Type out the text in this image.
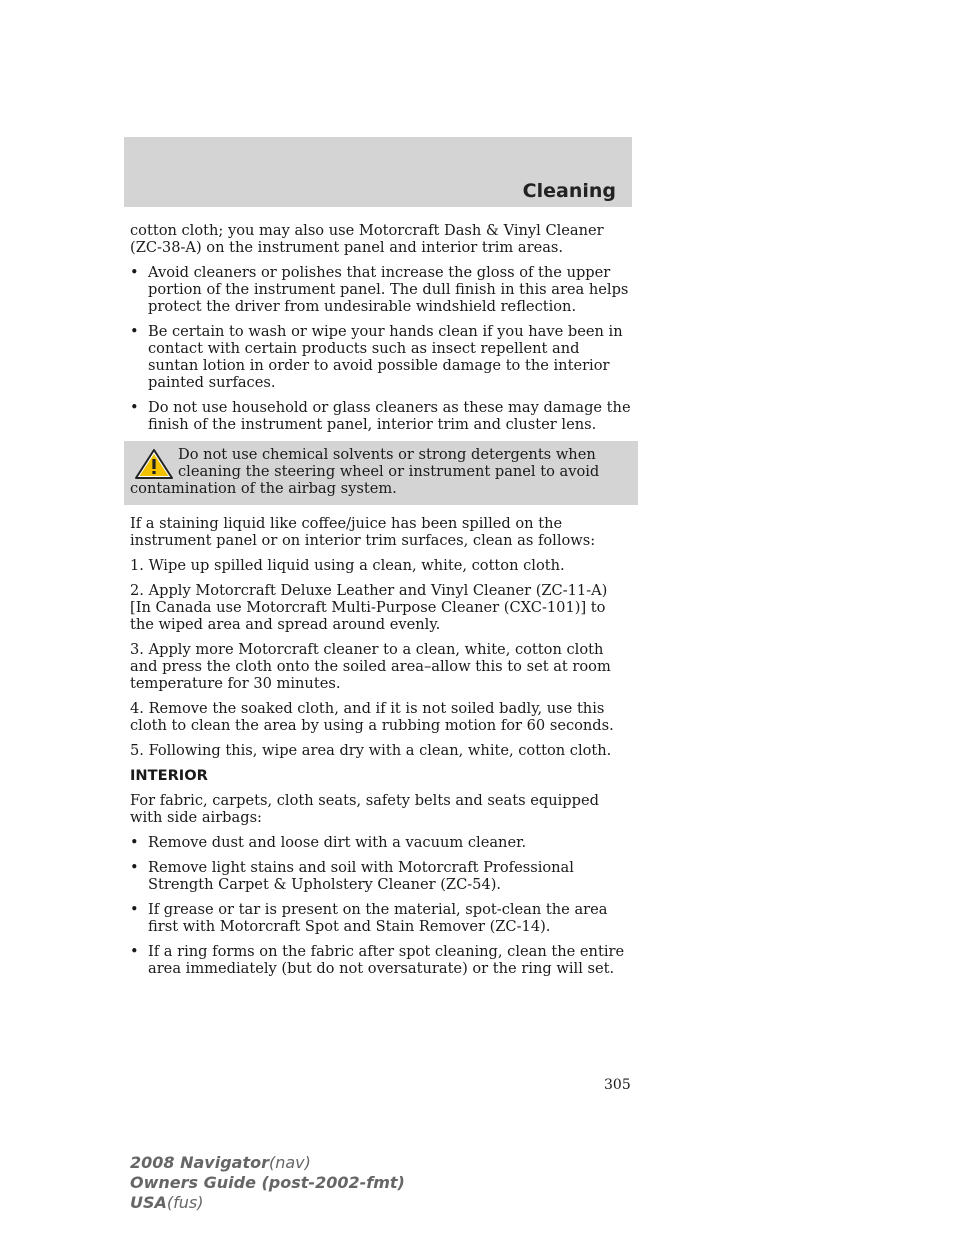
Cleaning

cotton cloth; you may also use Motorcraft Dash & Vinyl Cleaner (ZC-38-A) on the instrument panel and interior trim areas.

• Avoid cleaners or polishes that increase the gloss of the upper portion of the instrument panel. The dull finish in this area helps protect the driver from undesirable windshield reflection.
• Be certain to wash or wipe your hands clean if you have been in contact with certain products such as insect repellent and suntan lotion in order to avoid possible damage to the interior painted surfaces.
• Do not use household or glass cleaners as these may damage the finish of the instrument panel, interior trim and cluster lens.
Do not use chemical solvents or strong detergents when cleaning the steering wheel or instrument panel to avoid contamination of the airbag system.

If a staining liquid like coffee/juice has been spilled on the instrument panel or on interior trim surfaces, clean as follows:

1. Wipe up spilled liquid using a clean, white, cotton cloth.

2. Apply Motorcraft Deluxe Leather and Vinyl Cleaner (ZC-11-A) [In Canada use Motorcraft Multi-Purpose Cleaner (CXC-101)] to the wiped area and spread around evenly.

3. Apply more Motorcraft cleaner to a clean, white, cotton cloth and press the cloth onto the soiled area–allow this to set at room temperature for 30 minutes.

4. Remove the soaked cloth, and if it is not soiled badly, use this cloth to clean the area by using a rubbing motion for 60 seconds.

5. Following this, wipe area dry with a clean, white, cotton cloth.

INTERIOR

For fabric, carpets, cloth seats, safety belts and seats equipped with side airbags:

• Remove dust and loose dirt with a vacuum cleaner.
• Remove light stains and soil with Motorcraft Professional Strength Carpet & Upholstery Cleaner (ZC-54).
• If grease or tar is present on the material, spot-clean the area first with Motorcraft Spot and Stain Remover (ZC-14).
• If a ring forms on the fabric after spot cleaning, clean the entire area immediately (but do not oversaturate) or the ring will set.
305
2008 Navigator(nav)
Owners Guide (post-2002-fmt)
USA(fus)
